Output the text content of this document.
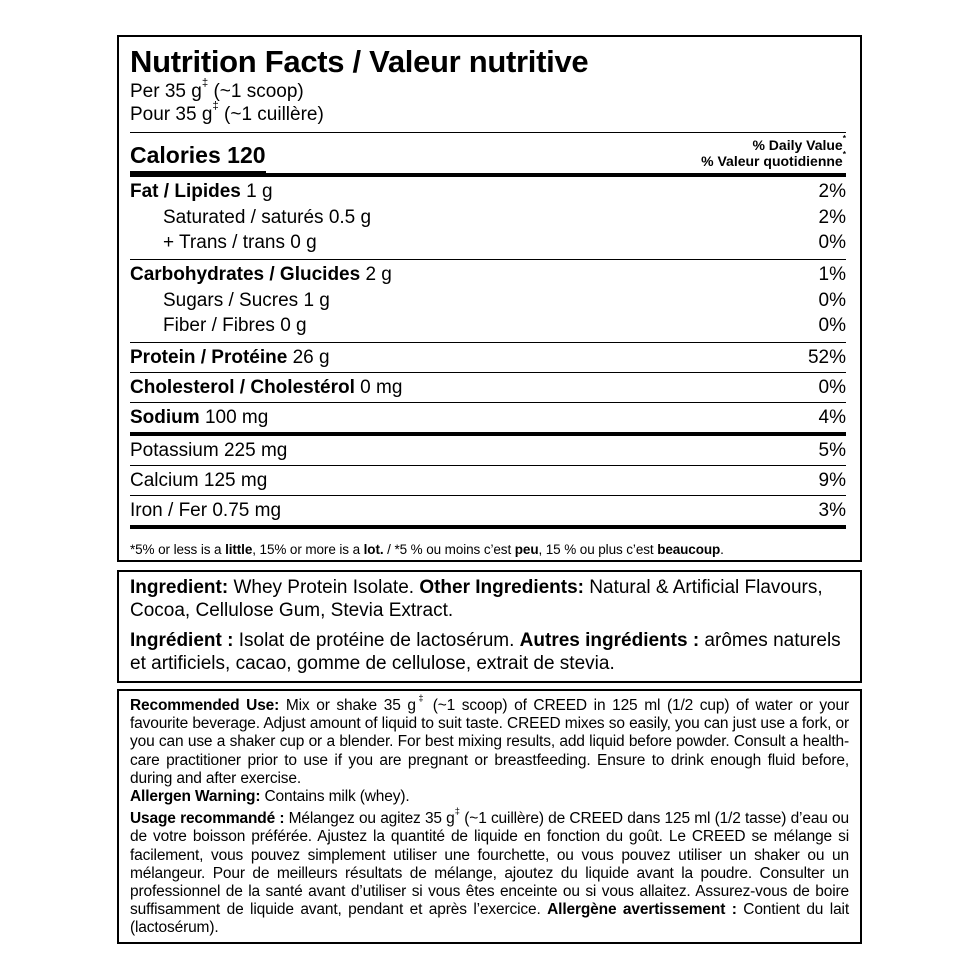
Nutrition Facts / Valeur nutritive
Per 35 g‡ (~1 scoop)
Pour 35 g‡ (~1 cuillère)
Calories 120	% Daily Value*
% Valeur quotidienne*
Fat / Lipides 1 g	2%
Saturated / saturés 0.5 g	2%
+ Trans / trans 0 g	0%
Carbohydrates / Glucides 2 g	1%
Sugars / Sucres 1 g	0%
Fiber / Fibres 0 g	0%
Protein / Protéine 26 g	52%
Cholesterol / Cholestérol 0 mg	0%
Sodium 100 mg	4%
Potassium 225 mg	5%
Calcium 125 mg	9%
Iron / Fer 0.75 mg	3%
*5% or less is a little, 15% or more is a lot. / *5 % ou moins c’est peu, 15 % ou plus c’est beaucoup.

Ingredient: Whey Protein Isolate. Other Ingredients: Natural & Artificial Flavours, Cocoa, Cellulose Gum, Stevia Extract.

Ingrédient : Isolat de protéine de lactosérum. Autres ingrédients : arômes naturels et artificiels, cacao, gomme de cellulose, extrait de stevia.

Recommended Use: Mix or shake 35 g‡ (~1 scoop) of CREED in 125 ml (1/2 cup) of water or your favourite beverage. Adjust amount of liquid to suit taste. CREED mixes so easily, you can just use a fork, or you can use a shaker cup or a blender. For best mixing results, add liquid before powder. Consult a health-care practitioner prior to use if you are pregnant or breastfeeding. Ensure to drink enough fluid before, during and after exercise.

Allergen Warning: Contains milk (whey).

Usage recommandé : Mélangez ou agitez 35 g‡ (~1 cuillère) de CREED dans 125 ml (1/2 tasse) d’eau ou de votre boisson préférée. Ajustez la quantité de liquide en fonction du goût. Le CREED se mélange si facilement, vous pouvez simplement utiliser une fourchette, ou vous pouvez utiliser un shaker ou un mélangeur. Pour de meilleurs résultats de mélange, ajoutez du liquide avant la poudre. Consulter un professionnel de la santé avant d’utiliser si vous êtes enceinte ou si vous allaitez. Assurez-vous de boire suffisamment de liquide avant, pendant et après l’exercice. Allergène avertissement : Contient du lait (lactosérum).
